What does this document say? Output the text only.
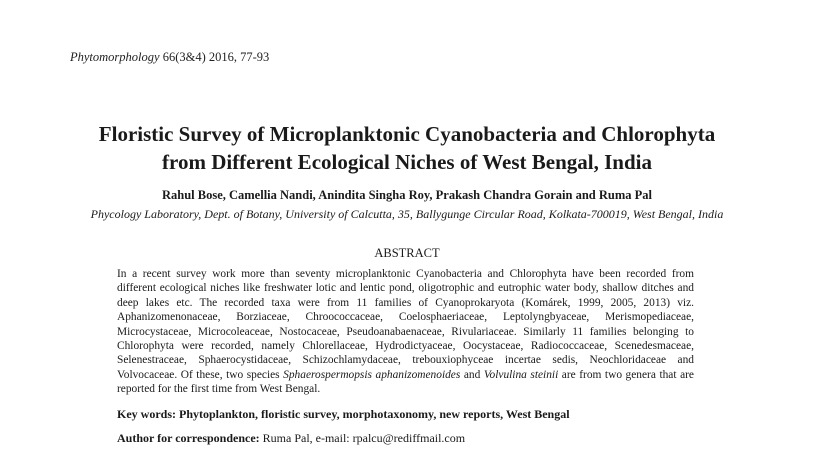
Phytomorphology 66(3&4) 2016, 77-93
Floristic Survey of Microplanktonic Cyanobacteria and Chlorophyta
from Different Ecological Niches of West Bengal, India
Rahul Bose, Camellia Nandi, Anindita Singha Roy, Prakash Chandra Gorain and Ruma Pal
Phycology Laboratory, Dept. of Botany, University of Calcutta, 35, Ballygunge Circular Road, Kolkata-700019, West Bengal, India
ABSTRACT
In a recent survey work more than seventy microplanktonic Cyanobacteria and Chlorophyta have been recorded from different ecological niches like freshwater lotic and lentic pond, oligotrophic and eutrophic water body, shallow ditches and deep lakes etc. The recorded taxa were from 11 families of Cyanoprokaryota (Komárek, 1999, 2005, 2013) viz. Aphanizomenonaceae, Borziaceae, Chroococcaceae, Coelosphaeriaceae, Leptolyngbyaceae, Merismopediaceae, Microcystaceae, Microcoleaceae, Nostocaceae, Pseudoanabaenaceae, Rivulariaceae. Similarly 11 families belonging to Chlorophyta were recorded, namely Chlorellaceae, Hydrodictyaceae, Oocystaceae, Radiococcaceae, Scenedesmaceae, Selenestraceae, Sphaerocystidaceae, Schizochlamydaceae, trebouxiophyceae incertae sedis, Neochloridaceae and Volvocaceae. Of these, two species Sphaerospermopsis aphanizomenoides and Volvulina steinii are from two genera that are reported for the first time from West Bengal.
Key words: Phytoplankton, floristic survey, morphotaxonomy, new reports, West Bengal
Author for correspondence: Ruma Pal, e-mail: rpalcu@rediffmail.com
